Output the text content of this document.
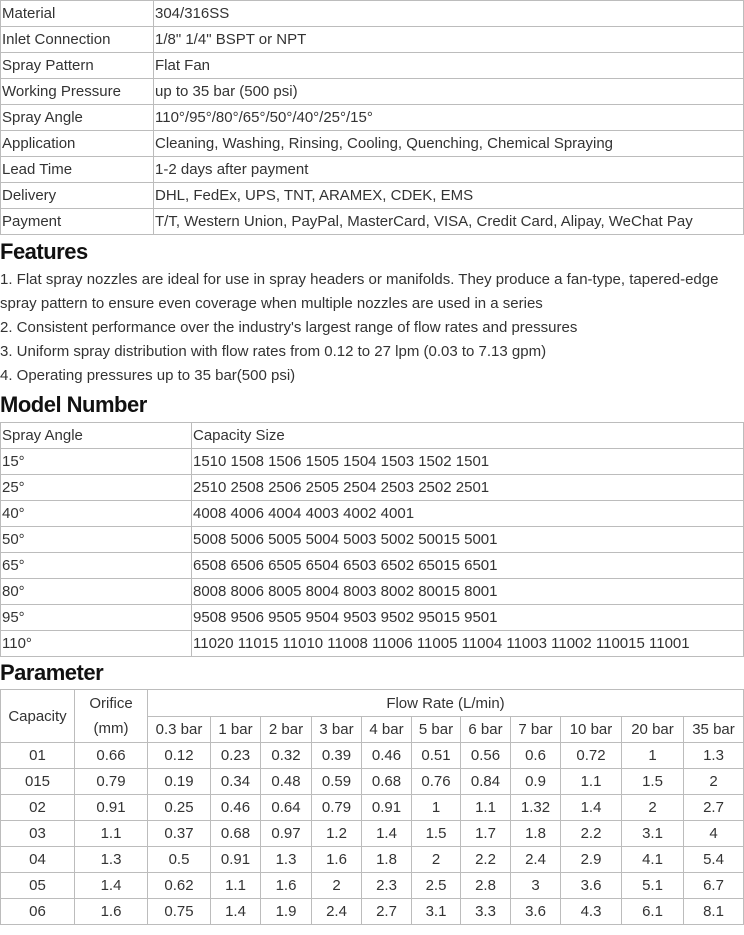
Material	304/316SS
Inlet Connection	1/8" 1/4" BSPT or NPT
Spray Pattern	Flat Fan
Working Pressure	up to 35 bar (500 psi)
Spray Angle	110°/95°/80°/65°/50°/40°/25°/15°
Application	Cleaning, Washing, Rinsing, Cooling, Quenching, Chemical Spraying
Lead Time	1-2 days after payment
Delivery	DHL, FedEx, UPS, TNT, ARAMEX, CDEK, EMS
Payment	T/T, Western Union, PayPal, MasterCard, VISA, Credit Card, Alipay, WeChat Pay
Features

1. Flat spray nozzles are ideal for use in spray headers or manifolds. They produce a fan-type, tapered-edge spray pattern to ensure even coverage when multiple nozzles are used in a series

2. Consistent performance over the industry's largest range of flow rates and pressures

3. Uniform spray distribution with flow rates from 0.12 to 27 lpm (0.03 to 7.13 gpm)

4. Operating pressures up to 35 bar(500 psi)

Model Number
Spray Angle	Capacity Size
15°	1510 1508 1506 1505 1504 1503 1502 1501
25°	2510 2508 2506 2505 2504 2503 2502 2501
40°	4008 4006 4004 4003 4002 4001
50°	5008 5006 5005 5004 5003 5002 50015 5001
65°	6508 6506 6505 6504 6503 6502 65015 6501
80°	8008 8006 8005 8004 8003 8002 80015 8001
95°	9508 9506 9505 9504 9503 9502 95015 9501
110°	11020 11015 11010 11008 11006 11005 11004 11003 11002 110015 11001
Parameter
Capacity	Orifice (mm)	Flow Rate (L/min)										
		0.3 bar	1 bar	2 bar	3 bar	4 bar	5 bar	6 bar	7 bar	10 bar	20 bar	35 bar
01	0.66	0.12	0.23	0.32	0.39	0.46	0.51	0.56	0.6	0.72	1	1.3
015	0.79	0.19	0.34	0.48	0.59	0.68	0.76	0.84	0.9	1.1	1.5	2
02	0.91	0.25	0.46	0.64	0.79	0.91	1	1.1	1.32	1.4	2	2.7
03	1.1	0.37	0.68	0.97	1.2	1.4	1.5	1.7	1.8	2.2	3.1	4
04	1.3	0.5	0.91	1.3	1.6	1.8	2	2.2	2.4	2.9	4.1	5.4
05	1.4	0.62	1.1	1.6	2	2.3	2.5	2.8	3	3.6	5.1	6.7
06	1.6	0.75	1.4	1.9	2.4	2.7	3.1	3.3	3.6	4.3	6.1	8.1
